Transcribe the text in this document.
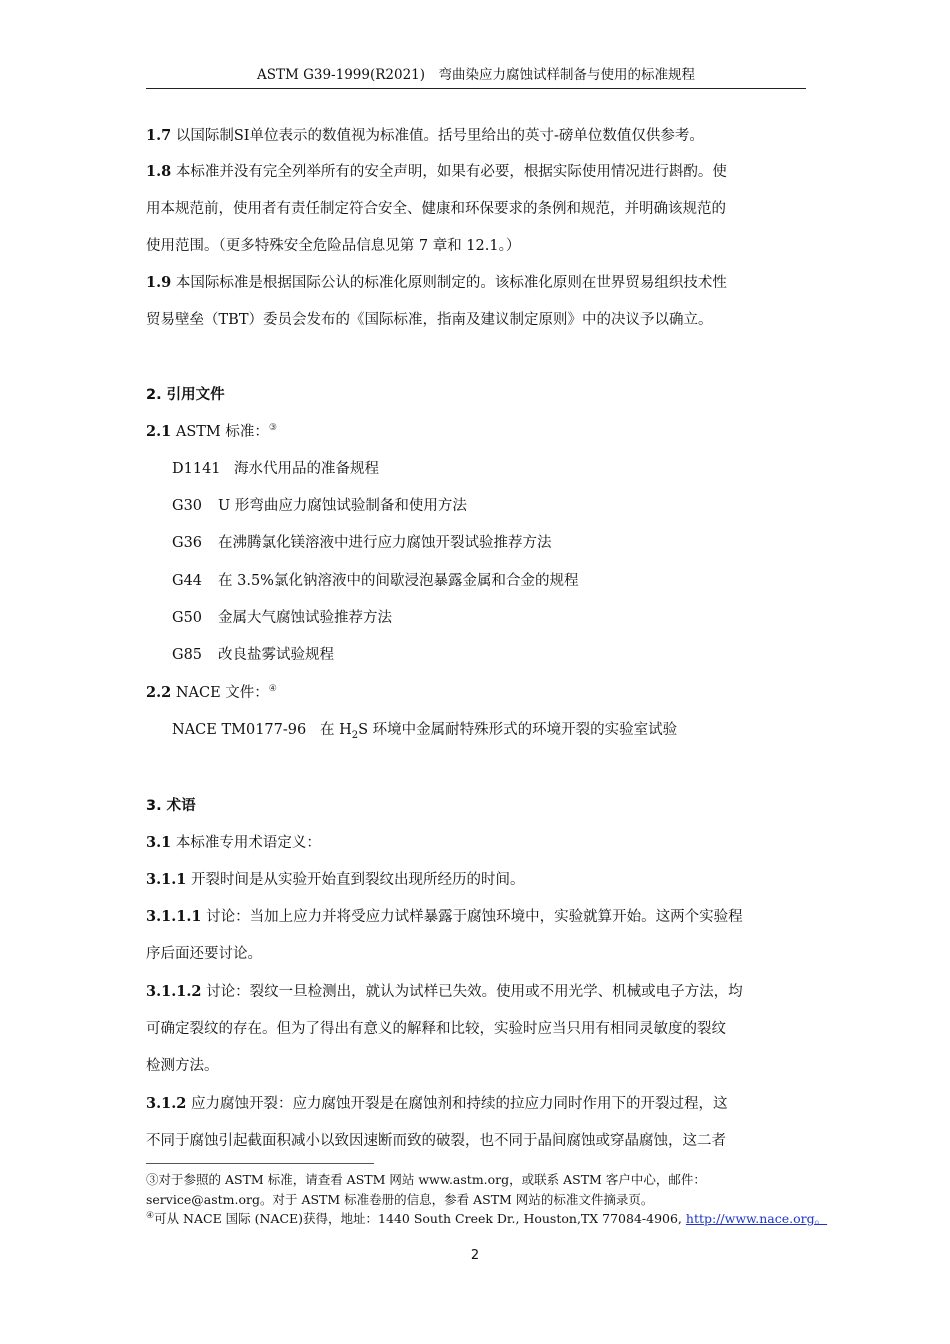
ASTM G39-1999(R2021)　弯曲染应力腐蚀试样制备与使用的标准规程
1.7 以国际制SI单位表示的数值视为标准值。括号里给出的英寸-磅单位数值仅供参考。
1.8 本标准并没有完全列举所有的安全声明，如果有必要，根据实际使用情况进行斟酌。使
用本规范前，使用者有责任制定符合安全、健康和环保要求的条例和规范，并明确该规范的
使用范围。（更多特殊安全危险品信息见第 7 章和 12.1。）
1.9 本国际标准是根据国际公认的标准化原则制定的。该标准化原则在世界贸易组织技术性
贸易壁垒（TBT）委员会发布的《国际标准，指南及建议制定原则》中的决议予以确立。
2. 引用文件
2.1 ASTM 标准：③
D1141 海水代用品的准备规程
G30 U 形弯曲应力腐蚀试验制备和使用方法
G36 在沸腾氯化镁溶液中进行应力腐蚀开裂试验推荐方法
G44 在 3.5%氯化钠溶液中的间歇浸泡暴露金属和合金的规程
G50 金属大气腐蚀试验推荐方法
G85 改良盐雾试验规程
2.2 NACE 文件：④
NACE TM0177-96 在 $H_2S$ 环境中金属耐特殊形式的环境开裂的实验室试验
3. 术语
3.1 本标准专用术语定义：
3.1.1 开裂时间是从实验开始直到裂纹出现所经历的时间。
3.1.1.1 讨论：当加上应力并将受应力试样暴露于腐蚀环境中，实验就算开始。这两个实验程
序后面还要讨论。
3.1.1.2 讨论：裂纹一旦检测出，就认为试样已失效。使用或不用光学、机械或电子方法，均
可确定裂纹的存在。但为了得出有意义的解释和比较，实验时应当只用有相同灵敏度的裂纹
检测方法。
3.1.2 应力腐蚀开裂：应力腐蚀开裂是在腐蚀剂和持续的拉应力同时作用下的开裂过程，这
不同于腐蚀引起截面积减小以致因速断而致的破裂，也不同于晶间腐蚀或穿晶腐蚀，这二者
③对于参照的 ASTM 标准，请查看 ASTM 网站 www.astm.org，或联系 ASTM 客户中心，邮件：
service@astm.org。对于 ASTM 标准卷册的信息，参看 ASTM 网站的标准文件摘录页。
④可从 NACE 国际 (NACE)获得，地址：1440 South Creek Dr., Houston,TX 77084-4906, http://www.nace.org。
2
